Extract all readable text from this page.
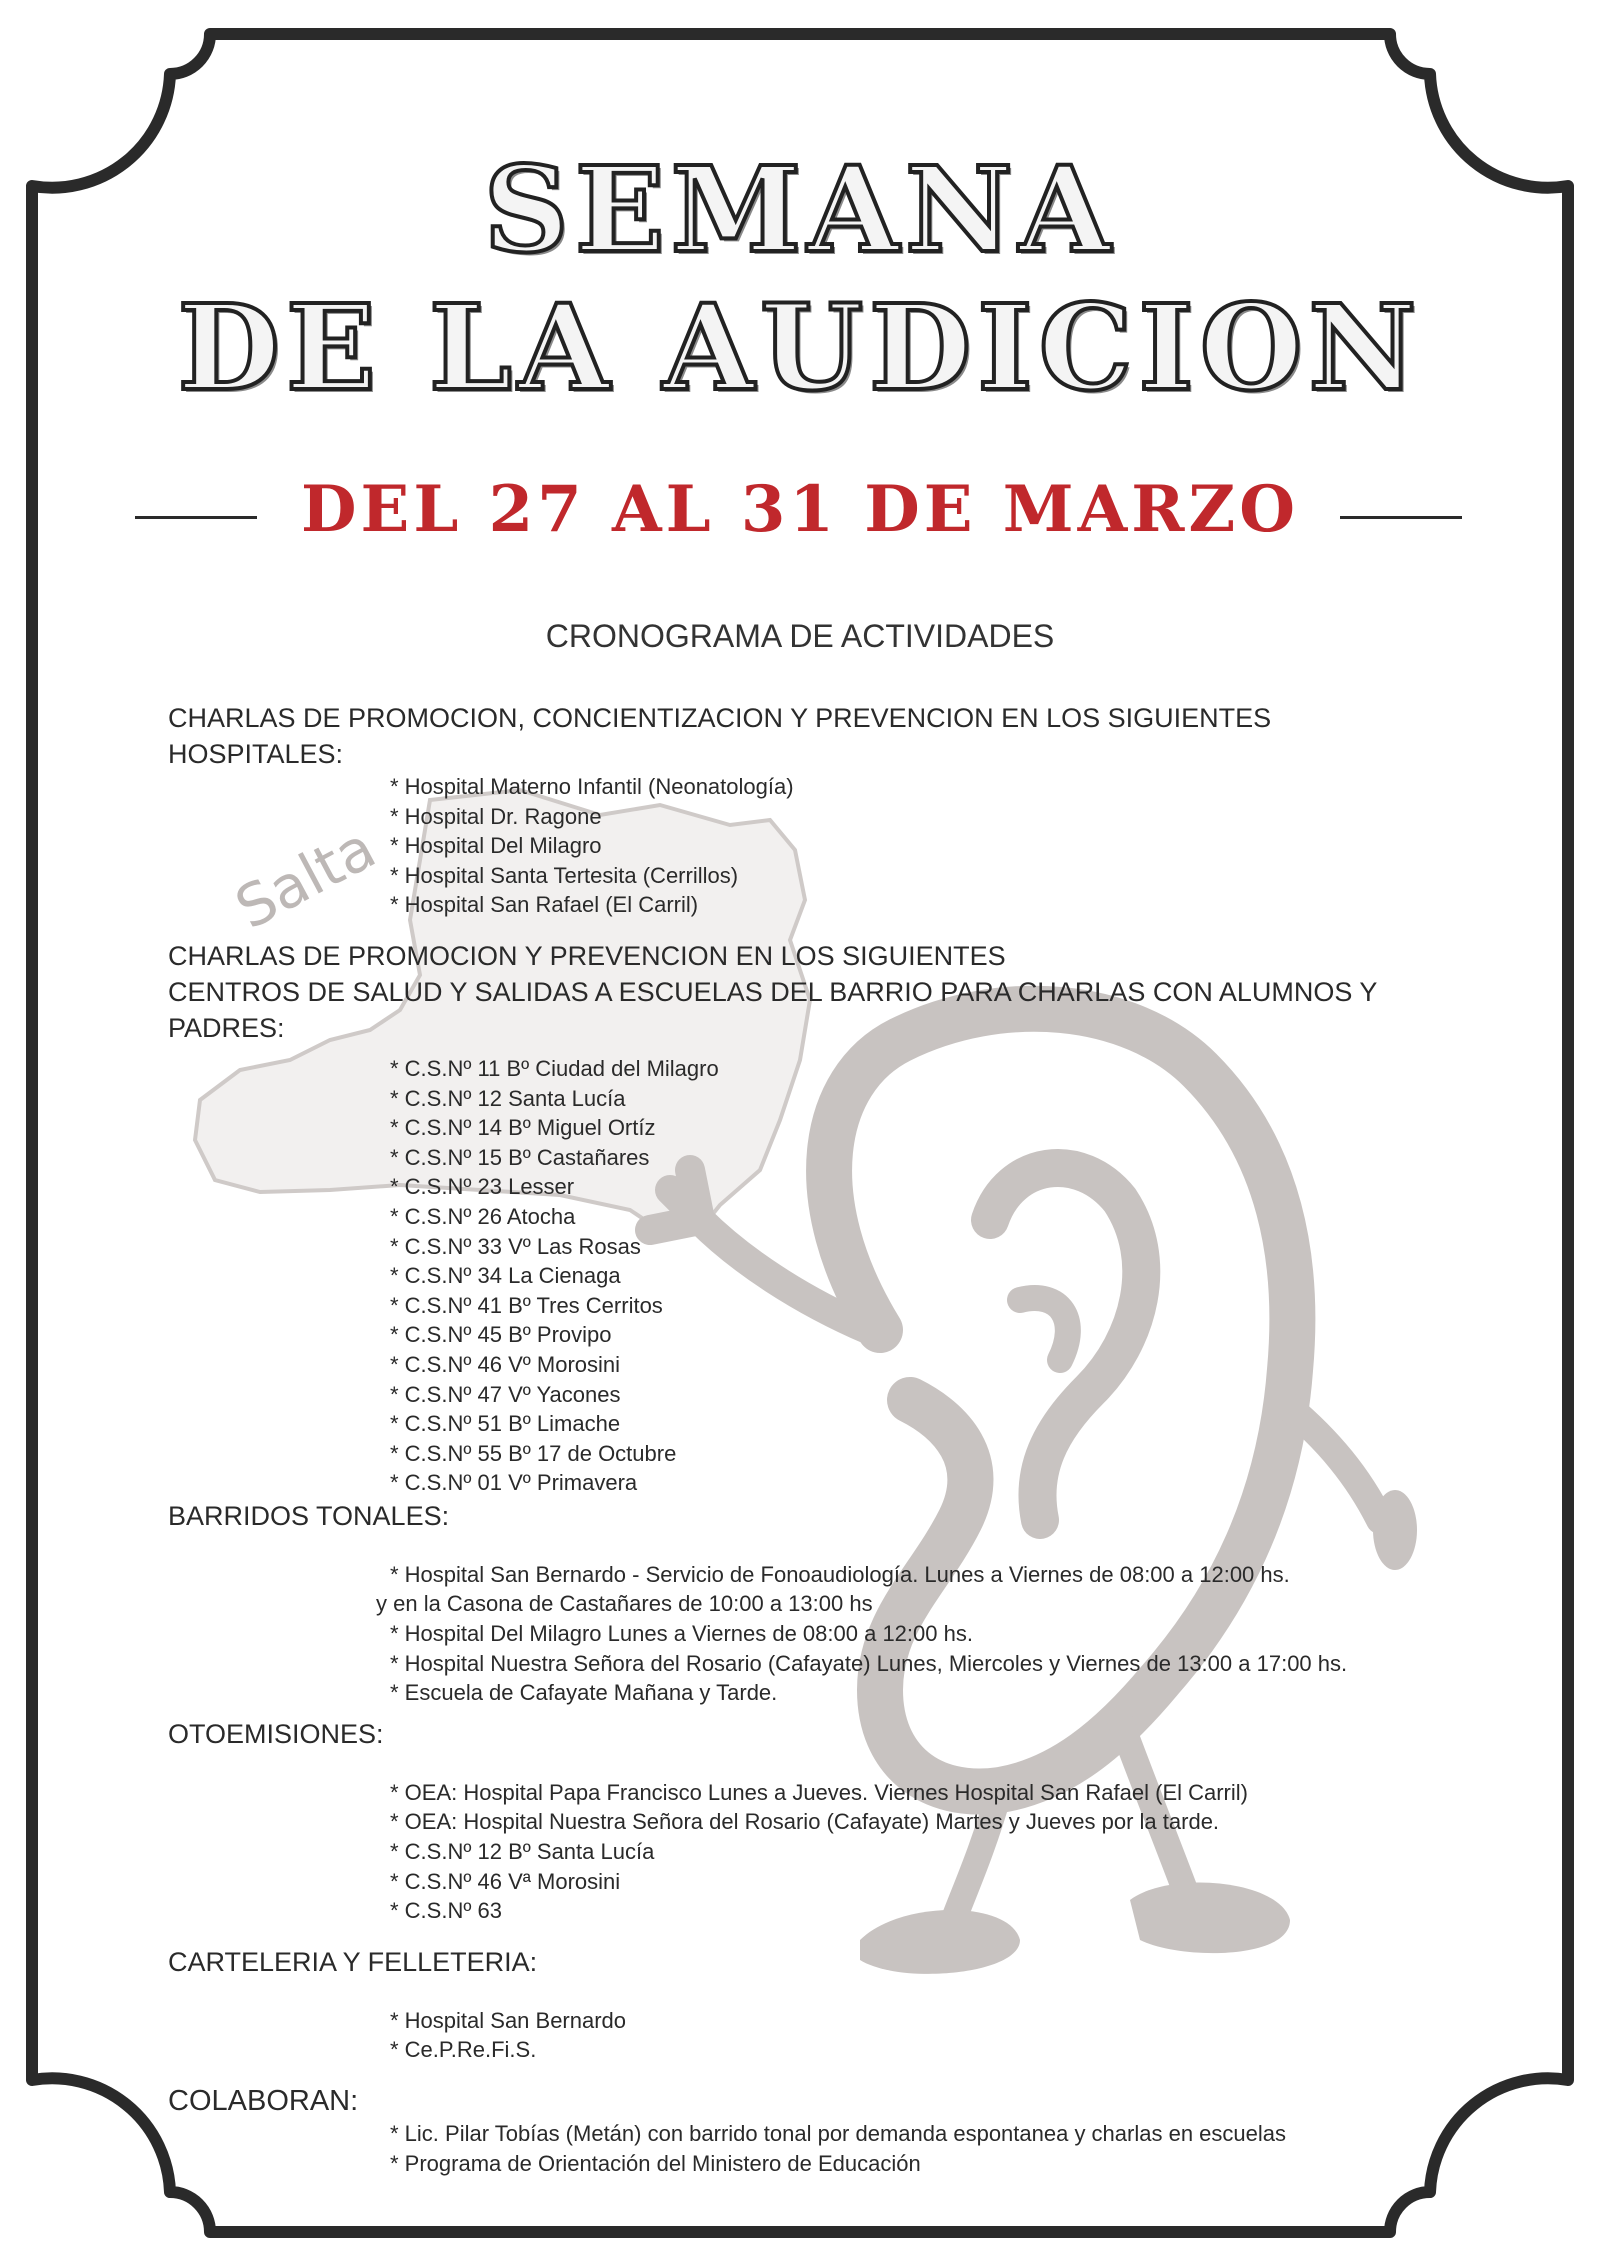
Salta
SEMANA
DE LA AUDICION
DEL 27 AL 31 DE MARZO
CRONOGRAMA DE ACTIVIDADES

CHARLAS DE PROMOCION, CONCIENTIZACION Y PREVENCION EN LOS SIGUIENTES

HOSPITALES:

* Hospital Materno Infantil (Neonatología)
* Hospital Dr. Ragone
* Hospital Del Milagro
* Hospital Santa Tertesita (Cerrillos)
* Hospital San Rafael (El Carril)

CHARLAS DE PROMOCION Y PREVENCION EN LOS SIGUIENTES

CENTROS DE SALUD Y SALIDAS A ESCUELAS DEL BARRIO PARA CHARLAS CON ALUMNOS Y PADRES:

* C.S.Nº 11 Bº Ciudad del Milagro
* C.S.Nº 12 Santa Lucía
* C.S.Nº 14 Bº Miguel Ortíz
* C.S.Nº 15 Bº Castañares
* C.S.Nº 23 Lesser
* C.S.Nº 26 Atocha
* C.S.Nº 33 Vº Las Rosas
* C.S.Nº 34 La Cienaga
* C.S.Nº 41 Bº Tres Cerritos
* C.S.Nº 45 Bº Provipo
* C.S.Nº 46 Vº Morosini
* C.S.Nº 47 Vº Yacones
* C.S.Nº 51 Bº Limache
* C.S.Nº 55 Bº 17 de Octubre
* C.S.Nº 01 Vº Primavera

BARRIDOS TONALES:

* Hospital San Bernardo - Servicio de Fonoaudiología. Lunes a Viernes de 08:00 a 12:00 hs.
y en la Casona de Castañares de 10:00 a 13:00 hs
* Hospital Del Milagro Lunes a Viernes de 08:00 a 12:00 hs.
* Hospital Nuestra Señora del Rosario (Cafayate) Lunes, Miercoles y Viernes de 13:00 a 17:00 hs.
* Escuela de Cafayate Mañana y Tarde.

OTOEMISIONES:

* OEA: Hospital Papa Francisco Lunes a Jueves. Viernes Hospital San Rafael (El Carril)
* OEA: Hospital Nuestra Señora del Rosario (Cafayate) Martes y Jueves por la tarde.
* C.S.Nº 12 Bº Santa Lucía
* C.S.Nº 46 Vª Morosini
* C.S.Nº 63

CARTELERIA Y FELLETERIA:

* Hospital San Bernardo
* Ce.P.Re.Fi.S.

COLABORAN:

* Lic. Pilar Tobías (Metán) con barrido tonal por demanda espontanea y charlas en escuelas
* Programa de Orientación del Ministero de Educación
